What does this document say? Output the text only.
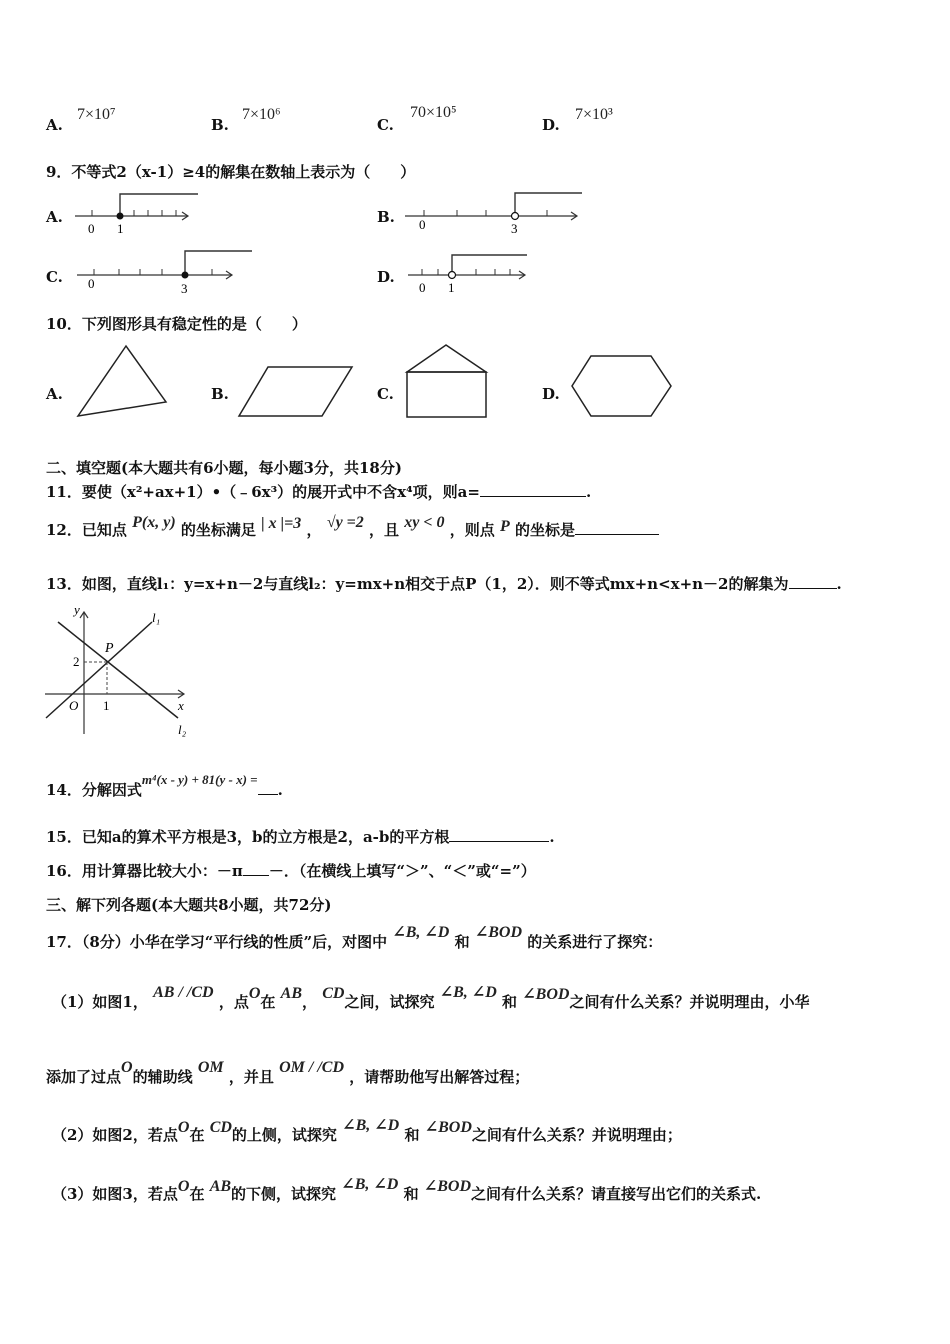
A.
7×10⁷
B.
7×10⁶
C.
70×10⁵
D.
7×10³
9．不等式2（x-1）≥4的解集在数轴上表示为（　　）
A.
0 1
B. 0	3
C. 0	3
D.
0 1
10．下列图形具有稳定性的是（　　）
A.	B.	C.	D.
二、填空题(本大题共有6小题，每小题3分，共18分)
11．要使（x²+ax+1）•（﹣6x³）的展开式中不含x⁴项，则a=	.
12．已知点 P(x, y) 的坐标满足 | x |=3 ， √y =2 ，且 xy < 0 ，则点 P 的坐标是
13．如图，直线l₁：y=x+n－2与直线l₂：y=mx+n相交于点P（1，2）．则不等式mx+n<x+n－2的解集为	.
y
x
l₁
l₂
P
2
1
O
14．分解因式m⁴(x - y) + 81(y - x) =.
15．已知a的算术平方根是3，b的立方根是2，a-b的平方根	.
16．用计算器比较大小：－π －．（在横线上填写“＞”、“＜”或“=”）
三、解下列各题(本大题共8小题，共72分)
17．（8分）小华在学习“平行线的性质”后，对图中 ∠B, ∠D 和 ∠BOD 的关系进行了探究：
（1）如图1， AB / /CD ，点O在 AB， CD之间，试探究 ∠B, ∠D 和 ∠BOD之间有什么关系？并说明理由，小华
添加了过点O的辅助线 OM ，并且 OM / /CD ，请帮助他写出解答过程；
（2）如图2，若点O在 CD的上侧，试探究 ∠B, ∠D 和 ∠BOD之间有什么关系？并说明理由；
（3）如图3，若点O在 AB的下侧，试探究 ∠B, ∠D 和 ∠BOD之间有什么关系？请直接写出它们的关系式.
